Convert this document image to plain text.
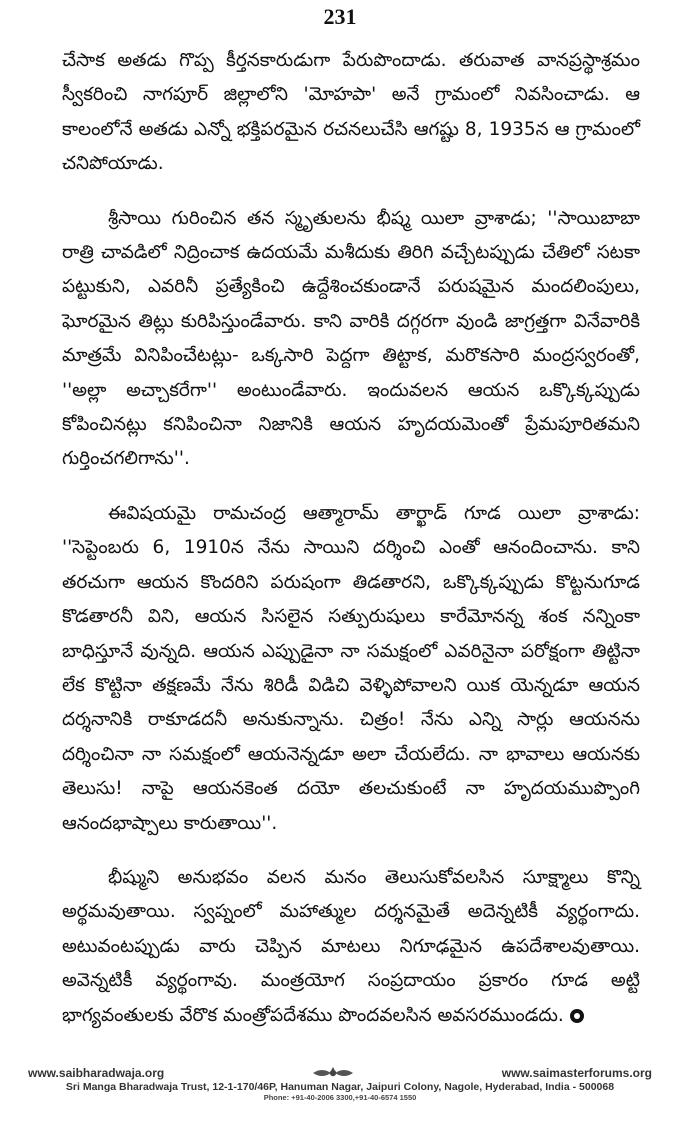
231

చేసాక అతడు గొప్ప కీర్తనకారుడుగా పేరుపొందాడు. తరువాత వానప్రస్థాశ్రమం స్వీకరించి నాగపూర్ జిల్లాలోని 'మోహపా' అనే గ్రామంలో నివసించాడు. ఆ కాలంలోనే అతడు ఎన్నో భక్తిపరమైన రచనలుచేసి ఆగష్టు 8, 1935న ఆ గ్రామంలో చనిపోయాడు.

శ్రీసాయి గురించిన తన స్మృతులను భీష్మ యిలా వ్రాశాడు; ''సాయిబాబా రాత్రి చావడిలో నిద్రించాక ఉదయమే మశీదుకు తిరిగి వచ్చేటప్పుడు చేతిలో సటకా పట్టుకుని, ఎవరినీ ప్రత్యేకించి ఉద్దేశించకుండానే పరుషమైన మందలింపులు, ఘోరమైన తిట్లు కురిపిస్తుండేవారు. కాని వారికి దగ్గరగా వుండి జాగ్రత్తగా వినేవారికి మాత్రమే వినిపించేటట్లు- ఒక్కసారి పెద్దగా తిట్టాక, మరొకసారి మంద్రస్వరంతో, ''అల్లా అచ్చాకరేగా'' అంటుండేవారు. ఇందువలన ఆయన ఒక్కొక్కప్పుడు కోపించినట్లు కనిపించినా నిజానికి ఆయన హృదయమెంతో ప్రేమపూరితమని గుర్తించగలిగాను''.

ఈవిషయమై రామచంద్ర ఆత్మారామ్ తార్ఖాడ్ గూడ యిలా వ్రాశాడు: ''సెప్టెంబరు 6, 1910న నేను సాయిని దర్శించి ఎంతో ఆనందించాను. కాని తరచుగా ఆయన కొందరిని పరుషంగా తిడతారని, ఒక్కొక్కప్పుడు కొట్టనుగూడ కొడతారనీ విని, ఆయన సిసలైన సత్పురుషులు కారేమోనన్న శంక నన్నింకా బాధిస్తూనే వున్నది. ఆయన ఎప్పుడైనా నా సమక్షంలో ఎవరినైనా పరోక్షంగా తిట్టినా లేక కొట్టినా తక్షణమే నేను శిరిడీ విడిచి వెళ్ళిపోవాలని యిక యెన్నడూ ఆయన దర్శనానికి రాకూడదనీ అనుకున్నాను. చిత్రం! నేను ఎన్ని సార్లు ఆయనను దర్శించినా నా సమక్షంలో ఆయనెన్నడూ అలా చేయలేదు. నా భావాలు ఆయనకు తెలుసు! నాపై ఆయనకెంత దయో తలచుకుంటే నా హృదయముప్పొంగి ఆనందభాష్పాలు కారుతాయి''.

భీష్ముని అనుభవం వలన మనం తెలుసుకోవలసిన సూక్ష్మాలు కొన్ని అర్థమవుతాయి. స్వప్నంలో మహాత్ముల దర్శనమైతే అదెన్నటికీ వ్యర్థంగాదు. అటువంటప్పుడు వారు చెప్పిన మాటలు నిగూఢమైన ఉపదేశాలవుతాయి. అవెన్నటికీ వ్యర్థంగావు. మంత్రయోగ సంప్రదాయం ప్రకారం గూడ అట్టి భాగ్యవంతులకు వేరొక మంత్రోపదేశము పొందవలసిన అవసరముండదు.

www.saibharadwaja.org	www.saimasterforums.org
Sri Manga Bharadwaja Trust, 12-1-170/46P, Hanuman Nagar, Jaipuri Colony, Nagole, Hyderabad, India - 500068
Phone: +91-40-2006 3300,+91-40-6574 1550
